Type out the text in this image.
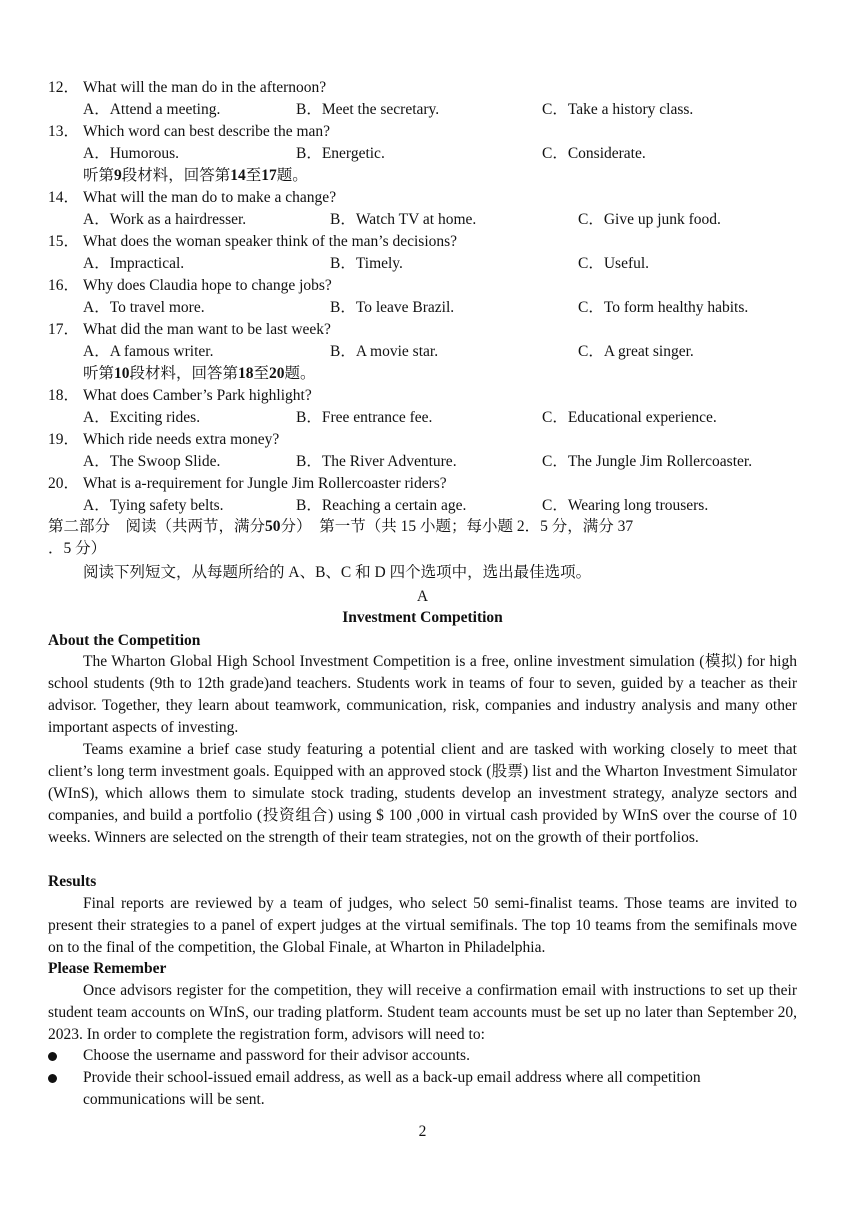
12． What will the man do in the afternoon?
A．Attend a meeting.	B．Meet the secretary.	C．Take a history class.
13． Which word can best describe the man?
A．Humorous.	B．Energetic.	C．Considerate.
听第9段材料，回答第14至17题。
14． What will the man do to make a change?
A．Work as a hairdresser.	B．Watch TV at home.	C．Give up junk food.
15． What does the woman speaker think of the man’s decisions?
A．Impractical.	B．Timely.	C．Useful.
16． Why does Claudia hope to change jobs?
A．To travel more.	B．To leave Brazil.	C．To form healthy habits.
17． What did the man want to be last week?
A．A famous writer.	B．A movie star.	C．A great singer.
听第10段材料，回答第18至20题。
18． What does Camber’s Park highlight?
A．Exciting rides.	B．Free entrance fee.	C．Educational experience.
19． Which ride needs extra money?
A．The Swoop Slide.	B．The River Adventure.	C．The Jungle Jim Rollercoaster.
20． What is a-requirement for Jungle Jim Rollercoaster riders?
A．Tying safety belts.	B．Reaching a certain age.	C．Wearing long trousers.
第二部分　阅读（共两节，满分50分）　第一节（共 15 小题；每小题 2．5 分，满分 37
．5 分）
阅读下列短文，从每题所给的 A、B、C 和 D 四个选项中，选出最佳选项。
A
Investment Competition
About the Competition
The Wharton Global High School Investment Competition is a free, online investment simulation (模拟) for high school students (9th to 12th grade)and teachers. Students work in teams of four to seven, guided by a teacher as their advisor. Together, they learn about teamwork, communication, risk, companies and industry analysis and many other important aspects of investing.
Teams examine a brief case study featuring a potential client and are tasked with working closely to meet that client’s long term investment goals. Equipped with an approved stock (股票) list and the Wharton Investment Simulator (WInS), which allows them to simulate stock trading, students develop an investment strategy, analyze sectors and companies, and build a portfolio (投资组合) using $ 100 ,000 in virtual cash provided by WInS over the course of 10 weeks. Winners are selected on the strength of their team strategies, not on the growth of their portfolios.
Results
Final reports are reviewed by a team of judges, who select 50 semi-finalist teams. Those teams are invited to present their strategies to a panel of expert judges at the virtual semifinals. The top 10 teams from the semifinals move on to the final of the competition, the Global Finale, at Wharton in Philadelphia.
Please Remember
Once advisors register for the competition, they will receive a confirmation email with instructions to set up their student team accounts on WInS, our trading platform. Student team accounts must be set up no later than September 20, 2023. In order to complete the registration form, advisors will need to:
Choose the username and password for their advisor accounts.
Provide their school-issued email address, as well as a back-up email address where all competition communications will be sent.
2
